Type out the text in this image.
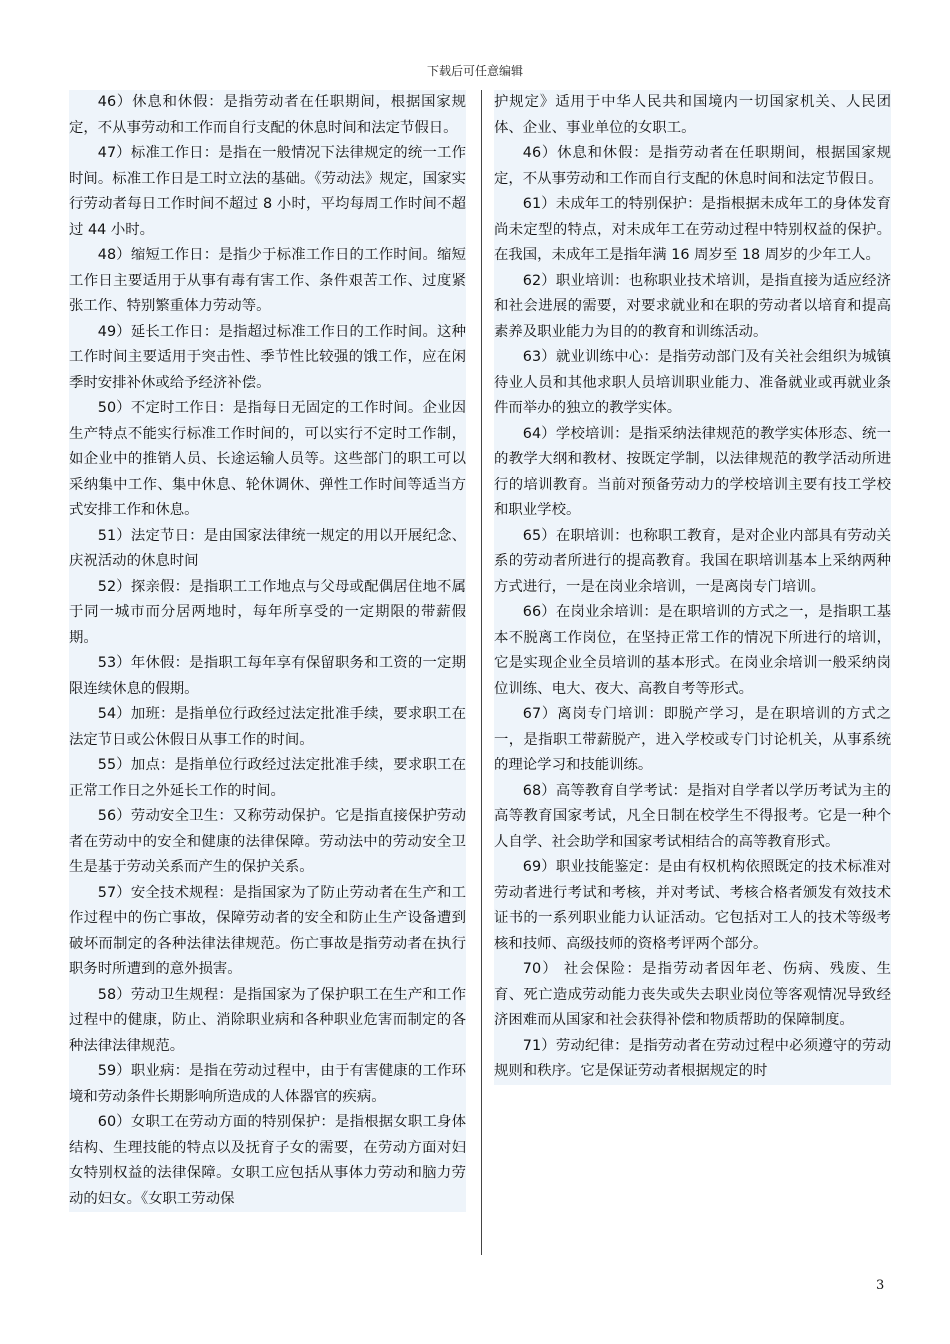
下载后可任意编辑

46）休息和休假：是指劳动者在任职期间，根据国家规定，不从事劳动和工作而自行支配的休息时间和法定节假日。

47）标准工作日：是指在一般情况下法律规定的统一工作时间。标准工作日是工时立法的基础。《劳动法》规定，国家实行劳动者每日工作时间不超过 8 小时，平均每周工作时间不超过 44 小时。

48）缩短工作日：是指少于标准工作日的工作时间。缩短工作日主要适用于从事有毒有害工作、条件艰苦工作、过度紧张工作、特别繁重体力劳动等。

49）延长工作日：是指超过标准工作日的工作时间。这种工作时间主要适用于突击性、季节性比较强的饿工作，应在闲季时安排补休或给予经济补偿。

50）不定时工作日：是指每日无固定的工作时间。企业因生产特点不能实行标准工作时间的，可以实行不定时工作制，如企业中的推销人员、长途运输人员等。这些部门的职工可以采纳集中工作、集中休息、轮休调休、弹性工作时间等适当方式安排工作和休息。

51）法定节日：是由国家法律统一规定的用以开展纪念、庆祝活动的休息时间

52）探亲假：是指职工工作地点与父母或配偶居住地不属于同一城市而分居两地时，每年所享受的一定期限的带薪假期。

53）年休假：是指职工每年享有保留职务和工资的一定期限连续休息的假期。

54）加班：是指单位行政经过法定批准手续，要求职工在法定节日或公休假日从事工作的时间。

55）加点：是指单位行政经过法定批准手续，要求职工在正常工作日之外延长工作的时间。

56）劳动安全卫生：又称劳动保护。它是指直接保护劳动者在劳动中的安全和健康的法律保障。劳动法中的劳动安全卫生是基于劳动关系而产生的保护关系。

57）安全技术规程：是指国家为了防止劳动者在生产和工作过程中的伤亡事故，保障劳动者的安全和防止生产设备遭到破坏而制定的各种法律法律规范。伤亡事故是指劳动者在执行职务时所遭到的意外损害。

58）劳动卫生规程：是指国家为了保护职工在生产和工作过程中的健康，防止、消除职业病和各种职业危害而制定的各种法律法律规范。

59）职业病：是指在劳动过程中，由于有害健康的工作环境和劳动条件长期影响所造成的人体器官的疾病。

60）女职工在劳动方面的特别保护：是指根据女职工身体结构、生理技能的特点以及抚育子女的需要，在劳动方面对妇女特别权益的法律保障。女职工应包括从事体力劳动和脑力劳动的妇女。《女职工劳动保

护规定》适用于中华人民共和国境内一切国家机关、人民团体、企业、事业单位的女职工。

46）休息和休假：是指劳动者在任职期间，根据国家规定，不从事劳动和工作而自行支配的休息时间和法定节假日。

61）未成年工的特别保护：是指根据未成年工的身体发育尚未定型的特点，对未成年工在劳动过程中特别权益的保护。在我国，未成年工是指年满 16 周岁至 18 周岁的少年工人。

62）职业培训：也称职业技术培训，是指直接为适应经济和社会进展的需要，对要求就业和在职的劳动者以培育和提高素养及职业能力为目的的教育和训练活动。

63）就业训练中心：是指劳动部门及有关社会组织为城镇待业人员和其他求职人员培训职业能力、准备就业或再就业条件而举办的独立的教学实体。

64）学校培训：是指采纳法律规范的教学实体形态、统一的教学大纲和教材、按既定学制，以法律规范的教学活动所进行的培训教育。当前对预备劳动力的学校培训主要有技工学校和职业学校。

65）在职培训：也称职工教育，是对企业内部具有劳动关系的劳动者所进行的提高教育。我国在职培训基本上采纳两种方式进行，一是在岗业余培训，一是离岗专门培训。

66）在岗业余培训：是在职培训的方式之一，是指职工基本不脱离工作岗位，在坚持正常工作的情况下所进行的培训，它是实现企业全员培训的基本形式。在岗业余培训一般采纳岗位训练、电大、夜大、高教自考等形式。

67）离岗专门培训：即脱产学习，是在职培训的方式之一，是指职工带薪脱产，进入学校或专门讨论机关，从事系统的理论学习和技能训练。

68）高等教育自学考试：是指对自学者以学历考试为主的高等教育国家考试，凡全日制在校学生不得报考。它是一种个人自学、社会助学和国家考试相结合的高等教育形式。

69）职业技能鉴定：是由有权机构依照既定的技术标准对劳动者进行考试和考核，并对考试、考核合格者颁发有效技术证书的一系列职业能力认证活动。它包括对工人的技术等级考核和技师、高级技师的资格考评两个部分。

70） 社会保险：是指劳动者因年老、伤病、残废、生育、死亡造成劳动能力丧失或失去职业岗位等客观情况导致经济困难而从国家和社会获得补偿和物质帮助的保障制度。

71）劳动纪律：是指劳动者在劳动过程中必须遵守的劳动规则和秩序。它是保证劳动者根据规定的时

3
